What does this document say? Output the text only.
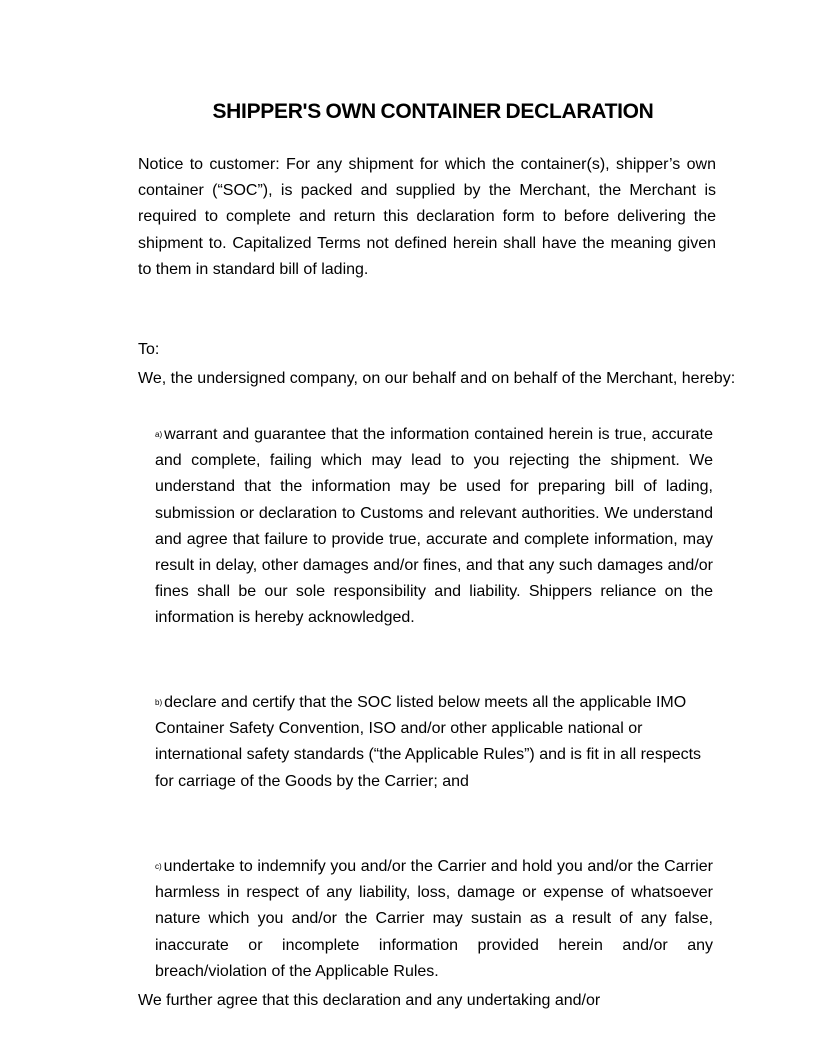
SHIPPER'S OWN CONTAINER DECLARATION

Notice to customer: For any shipment for which the container(s), shipper’s own container (“SOC”), is packed and supplied by the Merchant, the Merchant is required to complete and return this declaration form to before delivering the shipment to. Capitalized Terms not defined herein shall have the meaning given to them in standard bill of lading.

To:

We, the undersigned company, on our behalf and on behalf of the Merchant, hereby:

a) warrant and guarantee that the information contained herein is true, accurate and complete, failing which may lead to you rejecting the shipment. We understand that the information may be used for preparing bill of lading, submission or declaration to Customs and relevant authorities. We understand and agree that failure to provide true, accurate and complete information, may result in delay, other damages and/or fines, and that any such damages and/or fines shall be our sole responsibility and liability. Shippers reliance on the information is hereby acknowledged.

b) declare and certify that the SOC listed below meets all the applicable IMO Container Safety Convention, ISO and/or other applicable national or international safety standards (“the Applicable Rules”) and is fit in all respects for carriage of the Goods by the Carrier; and

c) undertake to indemnify you and/or the Carrier and hold you and/or the Carrier harmless in respect of any liability, loss, damage or expense of whatsoever nature which you and/or the Carrier may sustain as a result of any false, inaccurate or incomplete information provided herein and/or any breach/violation of the Applicable Rules.

We further agree that this declaration and any undertaking and/or
